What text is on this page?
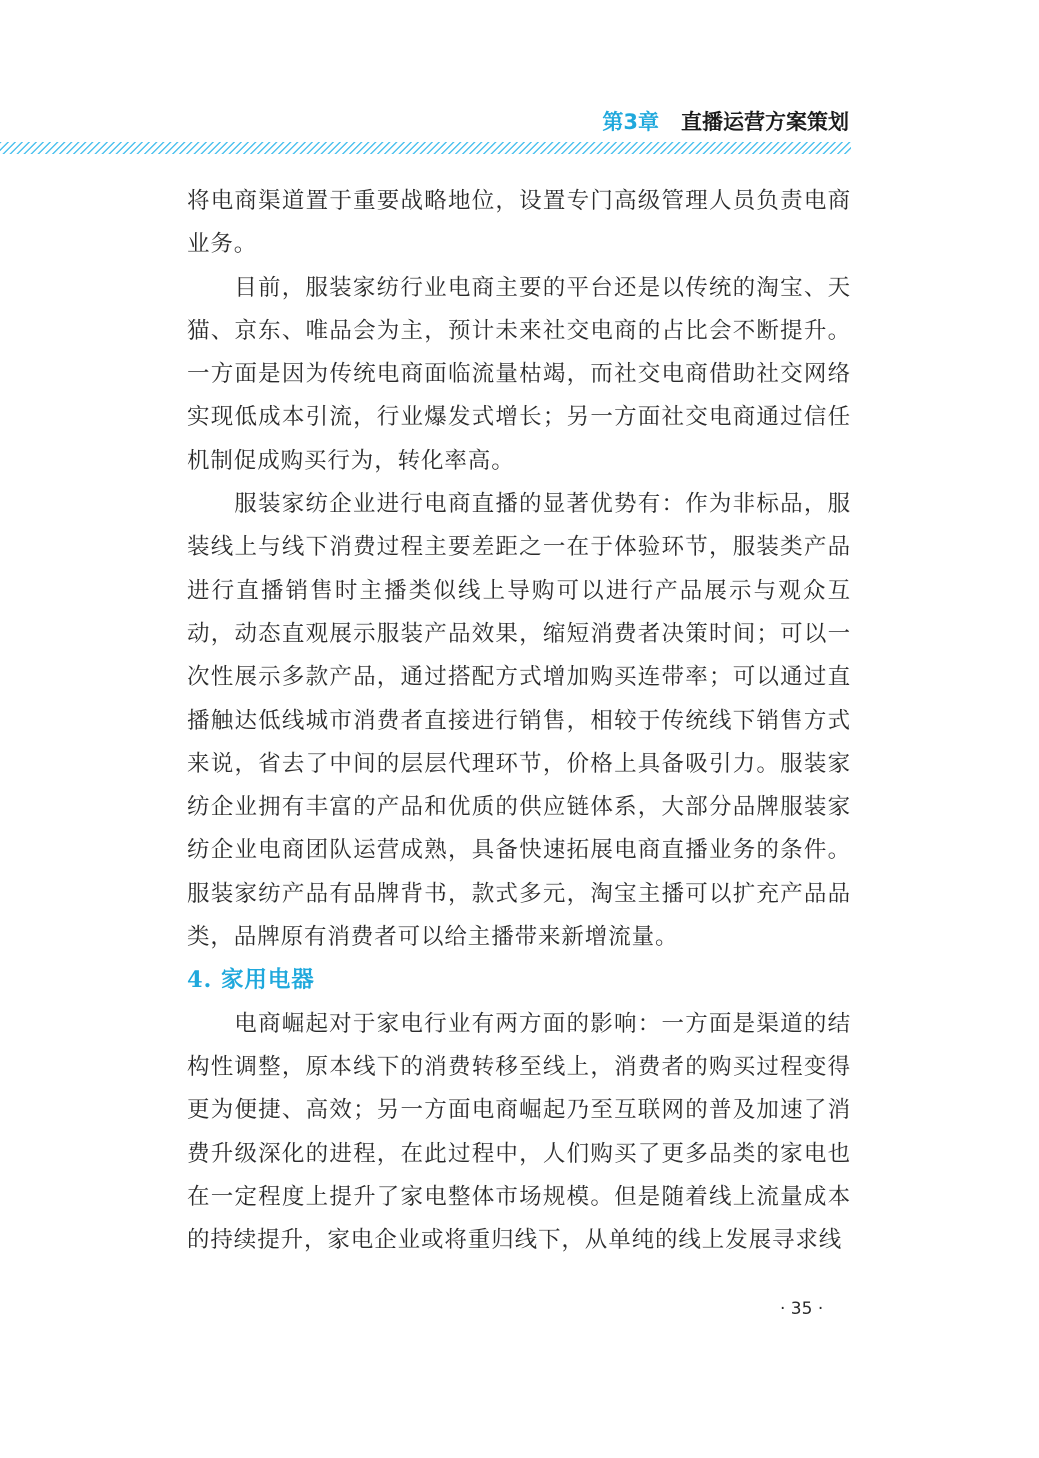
第3章 直播运营方案策划

将电商渠道置于重要战略地位，设置专门高级管理人员负责电商业务。

目前，服装家纺行业电商主要的平台还是以传统的淘宝、天猫、京东、唯品会为主，预计未来社交电商的占比会不断提升。一方面是因为传统电商面临流量枯竭，而社交电商借助社交网络实现低成本引流，行业爆发式增长；另一方面社交电商通过信任机制促成购买行为，转化率高。

服装家纺企业进行电商直播的显著优势有：作为非标品，服装线上与线下消费过程主要差距之一在于体验环节，服装类产品进行直播销售时主播类似线上导购可以进行产品展示与观众互动，动态直观展示服装产品效果，缩短消费者决策时间；可以一次性展示多款产品，通过搭配方式增加购买连带率；可以通过直播触达低线城市消费者直接进行销售，相较于传统线下销售方式来说，省去了中间的层层代理环节，价格上具备吸引力。服装家纺企业拥有丰富的产品和优质的供应链体系，大部分品牌服装家纺企业电商团队运营成熟，具备快速拓展电商直播业务的条件。服装家纺产品有品牌背书，款式多元，淘宝主播可以扩充产品品类，品牌原有消费者可以给主播带来新增流量。

4. 家用电器

电商崛起对于家电行业有两方面的影响：一方面是渠道的结构性调整，原本线下的消费转移至线上，消费者的购买过程变得更为便捷、高效；另一方面电商崛起乃至互联网的普及加速了消费升级深化的进程，在此过程中，人们购买了更多品类的家电也在一定程度上提升了家电整体市场规模。但是随着线上流量成本的持续提升，家电企业或将重归线下，从单纯的线上发展寻求线

· 35 ·
